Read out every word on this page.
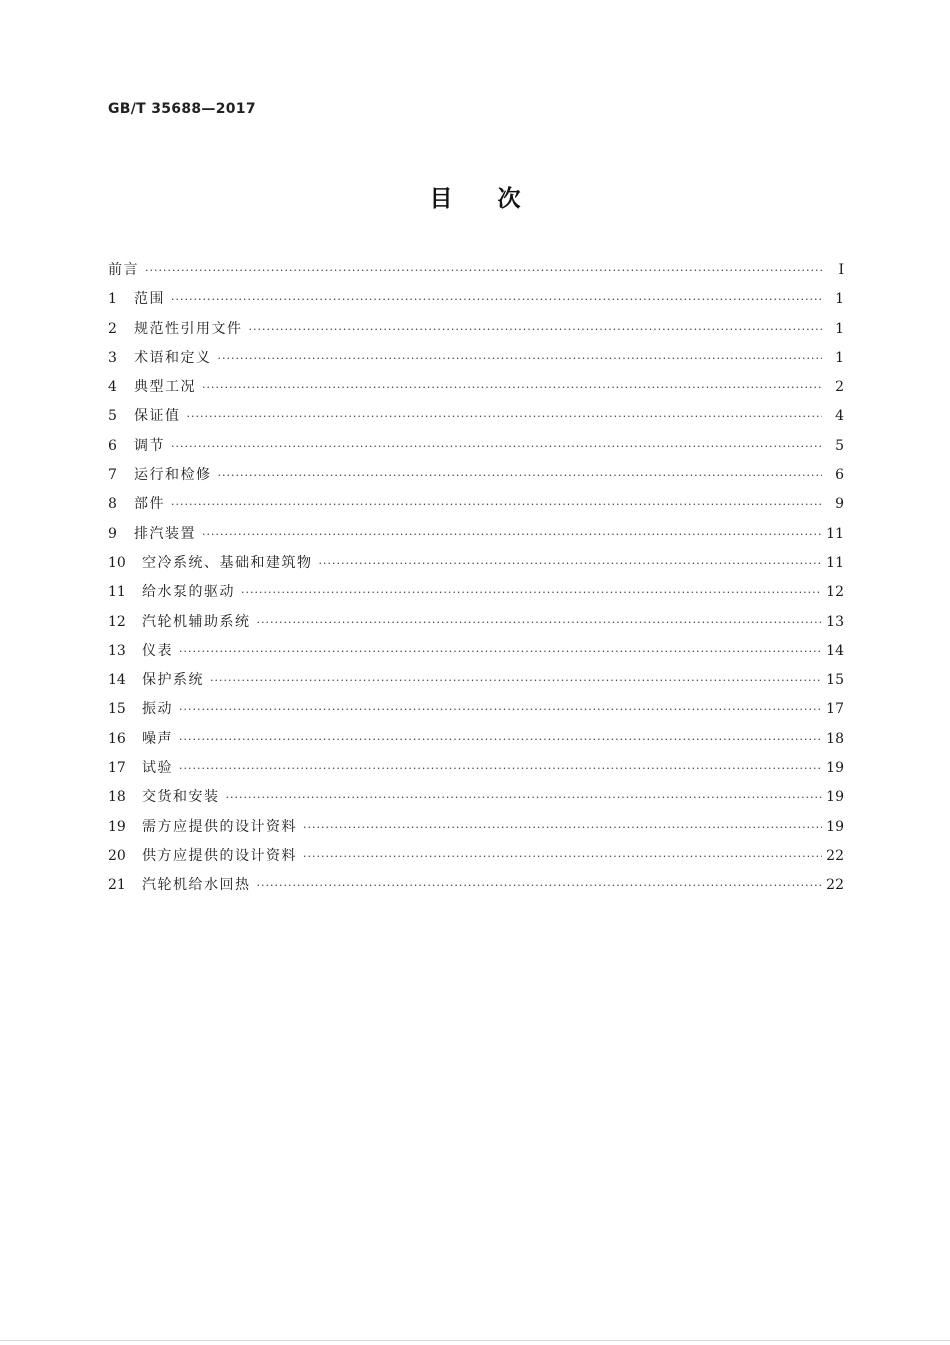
GB/T 35688—2017
目次
前言 ·····	Ⅰ
1	范围 ·····	1
2	规范性引用文件 ·····	1
3	术语和定义 ·····	1
4	典型工况 ·····	2
5	保证值 ·····	4
6	调节 ·····	5
7	运行和检修 ·····	6
8	部件 ·····	9
9	排汽装置 ·····	11
10	空冷系统、基础和建筑物 ·····	11
11	给水泵的驱动 ·····	12
12	汽轮机辅助系统 ·····	13
13	仪表 ·····	14
14	保护系统 ·····	15
15	振动 ·····	17
16	噪声 ·····	18
17	试验 ·····	19
18	交货和安装 ·····	19
19	需方应提供的设计资料 ·····	19
20	供方应提供的设计资料 ·····	22
21	汽轮机给水回热 ·····	22
